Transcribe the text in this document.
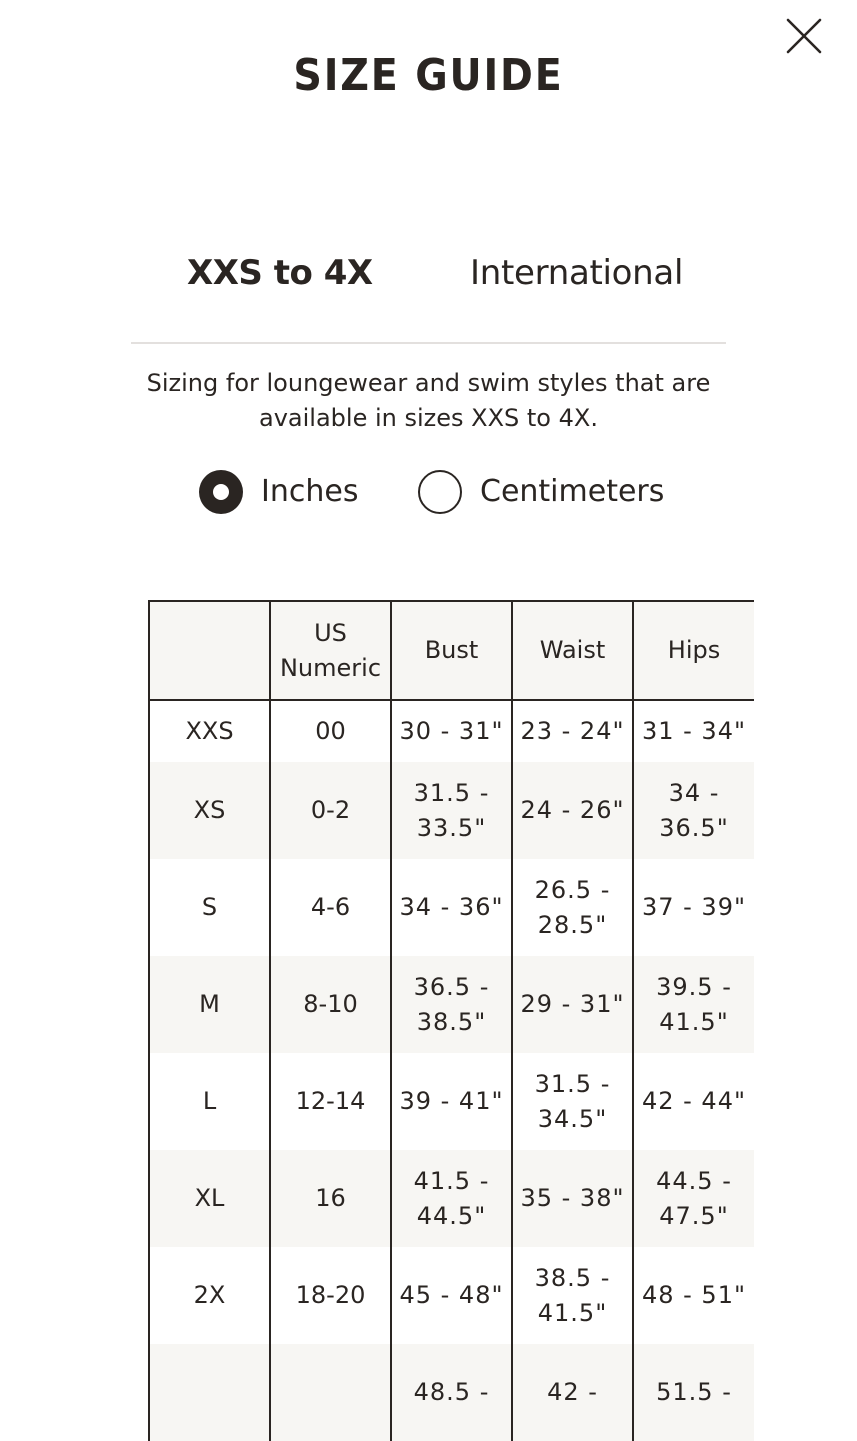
SIZE GUIDE
XXS to 4X	International

Sizing for loungewear and swim styles that are available in sizes XXS to 4X.

Inches	Centimeters
	US Numeric	Bust	Waist	Hips
XXS	00	30 - 31"	23 - 24"	31 - 34"
XS	0-2	31.5 - 33.5"	24 - 26"	34 - 36.5"
S	4-6	34 - 36"	26.5 - 28.5"	37 - 39"
M	8-10	36.5 - 38.5"	29 - 31"	39.5 - 41.5"
L	12-14	39 - 41"	31.5 - 34.5"	42 - 44"
XL	16	41.5 - 44.5"	35 - 38"	44.5 - 47.5"
2X	18-20	45 - 48"	38.5 - 41.5"	48 - 51"
		48.5 -	42 -	51.5 -
